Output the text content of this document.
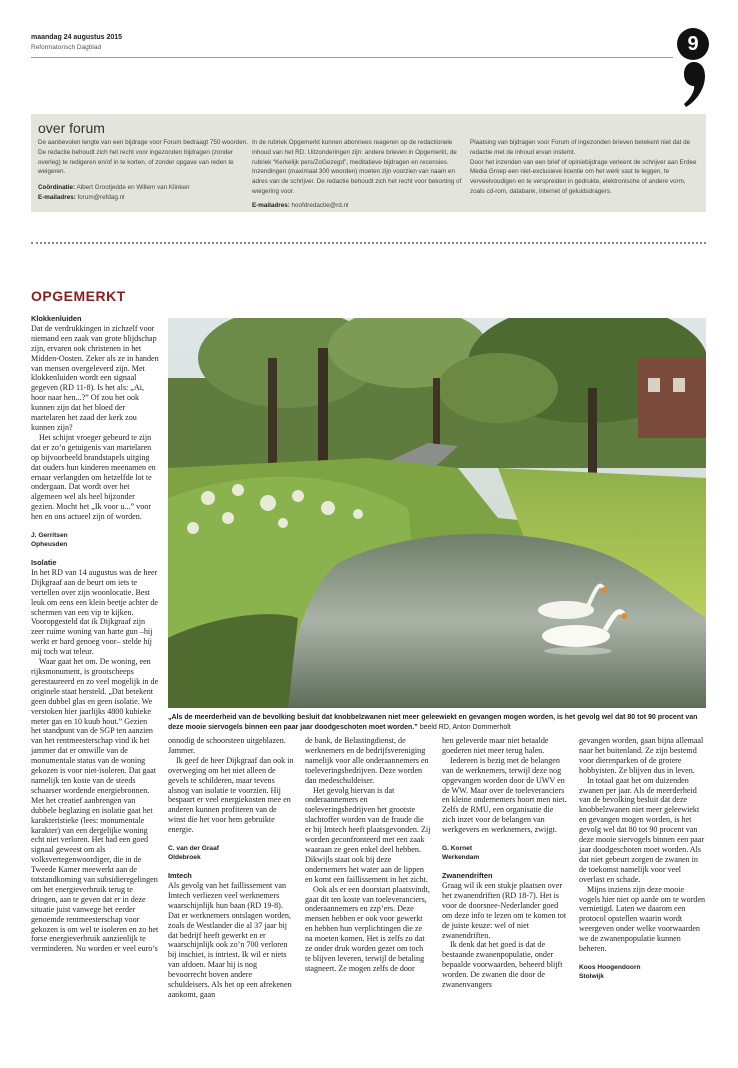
maandag 24 augustus 2015
Reformatorisch Dagblad	9
over forum

De aanbevolen lengte van een bijdrage voor Forum bedraagt 750 woorden. De redactie behoudt zich het recht voor ingezonden bijdragen (zonder overleg) te redigeren en/of in te korten, of zonder opgave van reden te weigeren.

Coördinatie: Albert Grootjedde en Willem van Klinken

E-mailadres: forum@refdag.nl

In de rubriek Opgemerkt kunnen abonnees reageren op de redactionele inhoud van het RD. Uitzonderingen zijn: andere brieven in Opgemerkt, de rubriek “Kerkelijk pers/ZoGezegd”, meditatieve bijdragen en recensies. Inzendingen (maximaal 300 woorden) moeten zijn voorzien van naam en adres van de schrijver. De redactie behoudt zich het recht voor bekorting of weigering voor.

E-mailadres: hoofdredactie@rd.nl

Plaatsing van bijdragen voor Forum of ingezonden brieven betekent niet dat de redactie met de inhoud ervan instemt.

Door het inzenden van een brief of opiniebijdrage verleent de schrijver aan Erdee Media Groep een niet-exclusieve licentie om het werk vast te leggen, te verveelvoudigen en te verspreiden in gedrukte, elektronische of andere vorm, zoals cd-rom, databank, internet of geluidsdragers.

OPGEMERKT

Klokkenluiden

Dat de verdrukkingen in zichzelf voor niemand een zaak van grote blijdschap zijn, ervaren ook christenen in het Midden-Oosten. Zeker als ze in handen van mensen overgeleverd zijn. Met klokkenluiden wordt een signaal gegeven (RD 11-8). Is het als: „Ai, hoor naar hen...?” Of zou het ook kunnen zijn dat het bloed der martelaren het zaad der kerk zou kunnen zijn?

Het schijnt vroeger gebeurd te zijn dat er zo’n getuigenis van martelaren op bijvoorbeeld brandstapels uitging dat ouders hun kinderen meenamen en ernaar verlangden om hetzelfde lot te ondergaan. Dat wordt over het algemeen wel als heel bijzonder gezien. Mocht het „Ik voor u...” voor hen en ons actueel zijn of worden.

J. Gerritsen

Opheusden

Isolatie

In het RD van 14 augustus was de heer Dijkgraaf aan de beurt om iets te vertellen over zijn woonlocatie. Best leuk om eens een klein beetje achter de schermen van een vip te kijken. Vooropgesteld dat ik Dijkgraaf zijn zeer ruime woning van harte gun –hij werkt er hard genoeg voor– stelde hij mij toch wat teleur.

Waar gaat het om. De woning, een rijksmonument, is grootscheeps gerestaureerd en zo veel mogelijk in de originele staat hersteld. „Dat betekent geen dubbel glas en geen isolatie. We verstoken hier jaarlijks 4800 kubieke meter gas en 10 kuub hout.” Gezien het standpunt van de SGP ten aanzien van het rentmeesterschap vind ik het jammer dat er omwille van de monumentale status van de woning gekozen is voor niet-isoleren. Dat gaat namelijk ten koste van de steeds schaarser wordende energiebronnen. Met het creatief aanbrengen van dubbele beglazing en isolatie gaat het karakteristieke (lees: monumentale karakter) van een dergelijke woning echt niet verloren. Het had een goed signaal geweest om als volksvertegenwoordiger, die in de Tweede Kamer meewerkt aan de totstandkoming van subsidieregelingen om het energieverbruik terug te dringen, aan te geven dat er in deze situatie juist vanwege het eerder genoemde rentmeesterschap voor gekozen is om wel te isoleren en zo het forse energieverbruik aanzienlijk te verminderen. Nu worden er veel euro’s

„Als de meerderheid van de bevolking besluit dat knobbelzwanen niet meer geleewiekt en gevangen mogen worden, is het gevolg wel dat 80 tot 90 procent van deze mooie siervogels binnen een paar jaar doodgeschoten moet worden.” beeld RD, Anton Dommerholt

onnodig de schoorsteen uitgeblazen. Jammer.

Ik geef de heer Dijkgraaf dan ook in overweging om het niet alleen de gevels te schilderen, maar tevens alsnog van isolatie te voorzien. Hij bespaart er veel energiekosten mee en anderen kunnen profiteren van de winst die het voor hem gebruikte energie.

C. van der Graaf

Oldebroek

Imtech

Als gevolg van het faillissement van Imtech verliezen veel werknemers waarschijnlijk hun baan (RD 19-8). Dat er werknemers ontslagen worden, zoals de Westlander die al 37 jaar bij dat bedrijf heeft gewerkt en er waarschijnlijk ook zo’n 700 verloren bij inschiet, is intriest. Ik wil er niets van afdoen. Maar hij is nog bevoorrecht boven andere schuldeisers. Als het op een afrekenen aankomt, gaan

de bank, de Belastingdienst, de werknemers en de bedrijfsvereniging namelijk voor alle onderaannemers en toeleveringsbedrijven. Deze worden dan medeschuldeiser.

Het gevolg hiervan is dat onderaannemers en toeleveringsbedrijven het grootste slachtoffer worden van de fraude die er bij Imtech heeft plaatsgevonden. Zij worden geconfronteerd met een zaak waaraan ze geen enkel deel hebben. Dikwijls staat ook bij deze ondernemers het water aan de lippen en komt een faillissement in het zicht.

Ook als er een doorstart plaatsvindt, gaat dit ten koste van toeleveranciers, onderaannemers en zzp’ers. Deze mensen hebben er ook voor gewerkt en hebben hun verplichtingen die ze na moeten komen. Het is zelfs zo dat ze onder druk worden gezet om toch te blijven leveren, terwijl de betaling stagneert. Ze mogen zelfs de door

hen geleverde maar niet betaalde goederen niet meer terug halen.

Iedereen is bezig met de belangen van de werknemers, terwijl deze nog opgevangen worden door de UWV en de WW. Maar over de toeleveranciers en kleine ondernemers hoort men niet. Zelfs de RMU, een organisatie die zich inzet voor de belangen van werkgevers en werknemers, zwijgt.

G. Kornet

Werkendam

Zwanendriften

Graag wil ik een stukje plaatsen over het zwanendriften (RD 18-7). Het is voor de doorsnee-Nederlander goed om deze info te lezen om te komen tot de juiste keuze: wel of niet zwanendriften.

Ik denk dat het goed is dat de bestaande zwanenpopulatie, onder bepaalde voorwaarden, beheerd blijft worden. De zwanen die door de zwanenvangers

gevangen worden, gaan bijna allemaal naar het buitenland. Ze zijn bestemd voor dierenparken of de grotere hobbyisten. Ze blijven dus in leven.

In totaal gaat het om duizenden zwanen per jaar. Als de meerderheid van de bevolking besluit dat deze knobbelzwanen niet meer geleewiekt en gevangen mogen worden, is het gevolg wel dat 80 tot 90 procent van deze mooie siervogels binnen een paar jaar doodgeschoten moet worden. Als dat niet gebeurt zorgen de zwanen in de toekomst namelijk voor veel overlast en schade.

Mijns inziens zijn deze mooie vogels hier niet op aarde om te worden vernietigd. Laten we daarom een protocol opstellen waarin wordt weergeven onder welke voorwaarden we de zwanenpopulatie kunnen beheren.

Koos Hoogendoorn

Stolwijk
